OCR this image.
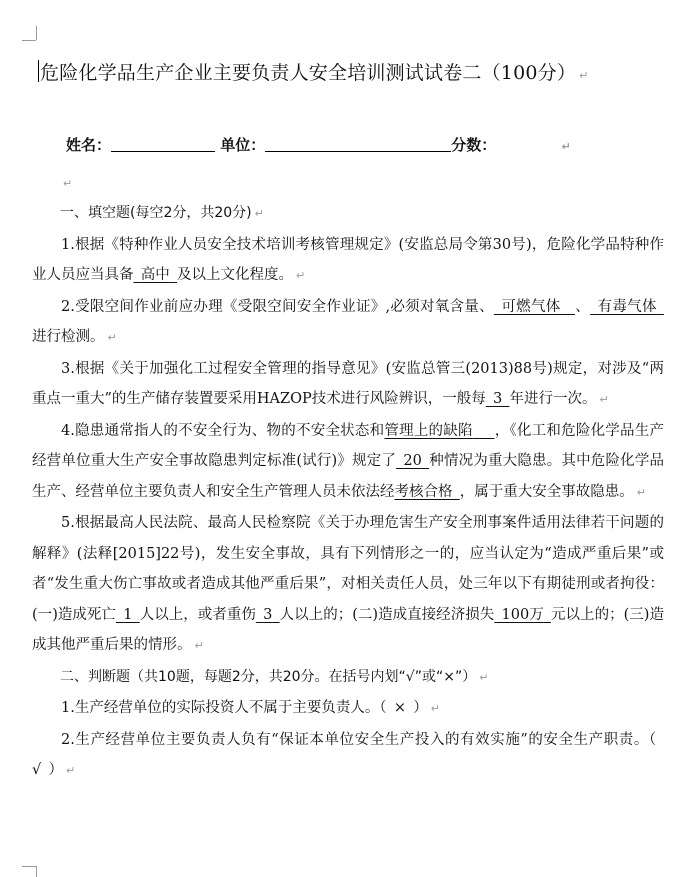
危险化学品生产企业主要负责人安全培训测试试卷二（100分） ↵
姓名：	单位：	分数：	↵
↵

一、填空题(每空2分，共20分) ↵

1.根据《特种作业人员安全技术培训考核管理规定》(安监总局令第30号)，危险化学品特种作业人员应当具备  高中  及以上文化程度。 ↵

2.受限空间作业前应办理《受限空间安全作业证》,必须对氧含量、  可燃气体   、  有毒气体 进行检测。 ↵

3.根据《关于加强化工过程安全管理的指导意见》(安监总管三(2013)88号)规定，对涉及“两重点一重大”的生产储存装置要采用HAZOP技术进行风险辨识，一般每  3  年进行一次。 ↵

4.隐患通常指人的不安全行为、物的不安全状态和管理上的缺陷    ，《化工和危险化学品生产经营单位重大生产安全事故隐患判定标准(试行)》规定了  20  种情况为重大隐患。其中危险化学品生产、经营单位主要负责人和安全生产管理人员未依法经考核合格  ，属于重大安全事故隐患。 ↵

5.根据最高人民法院、最高人民检察院《关于办理危害生产安全刑事案件适用法律若干问题的解释》(法释[2015]22号)，发生安全事故，具有下列情形之一的，应当认定为“造成严重后果”或者“发生重大伤亡事故或者造成其他严重后果”，对相关责任人员，处三年以下有期徒刑或者拘役：(一)造成死亡  1  人以上，或者重伤  3  人以上的；(二)造成直接经济损失  100万  元以上的；(三)造成其他严重后果的情形。 ↵

二、判断题（共10题，每题2分，共20分。在括号内划“√”或“×”） ↵

1.生产经营单位的实际投资人不属于主要负责人。（  ×  ） ↵

2.生产经营单位主要负责人负有“保证本单位安全生产投入的有效实施”的安全生产职责。（ √  ） ↵
